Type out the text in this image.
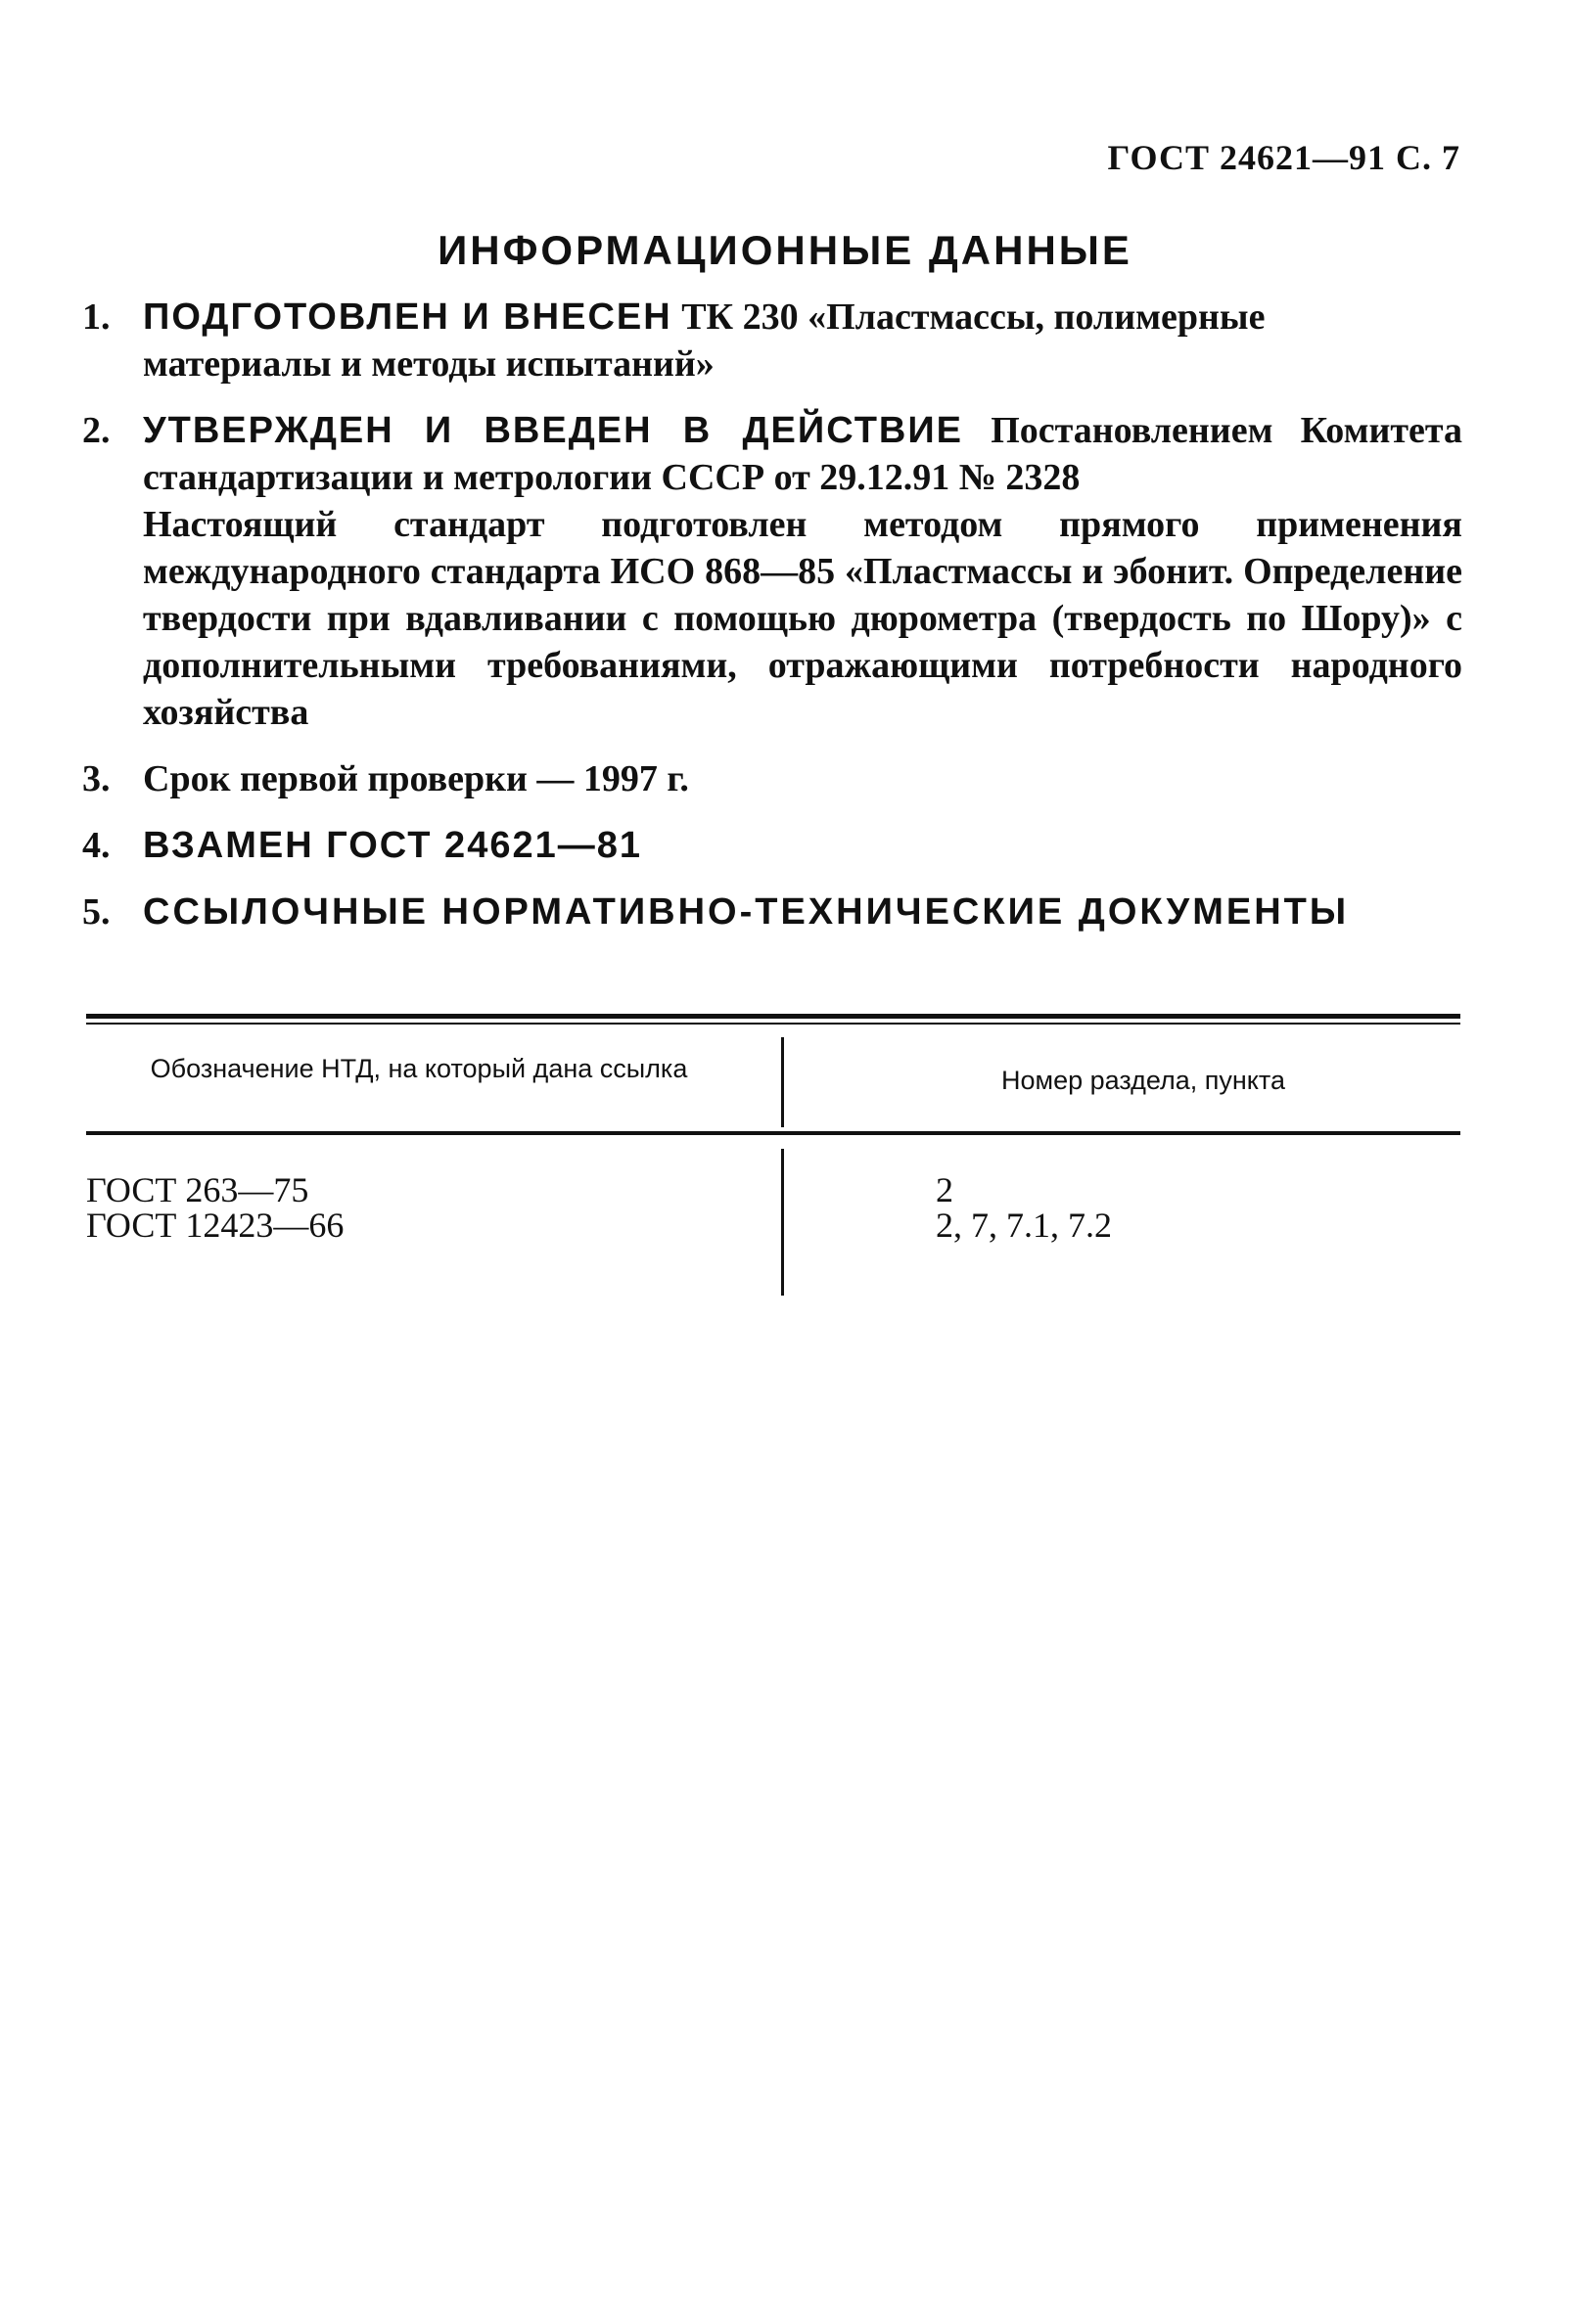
ГОСТ 24621—91 С. 7
ИНФОРМАЦИОННЫЕ ДАННЫЕ
1. ПОДГОТОВЛЕН И ВНЕСЕН ТК 230 «Пластмассы, полимерные материалы и методы испытаний»

2. УТВЕРЖДЕН И ВВЕДЕН В ДЕЙСТВИЕ Постановлением Комитета стандартизации и метрологии СССР от 29.12.91 № 2328

Настоящий стандарт подготовлен методом прямого применения международного стандарта ИСО 868—85 «Пластмассы и эбонит. Определение твердости при вдавливании с помощью дюрометра (твердость по Шору)» с дополнительными требованиями, отражающими потребности народного хозяйства

3. Срок первой проверки — 1997 г.

4. ВЗАМЕН ГОСТ 24621—81

5. ССЫЛОЧНЫЕ НОРМАТИВНО-ТЕХНИЧЕСКИЕ ДОКУМЕНТЫ

Обозначение НТД, на который дана ссылка	Номер раздела, пункта
ГОСТ 263—75	2
ГОСТ 12423—66	2, 7, 7.1, 7.2
